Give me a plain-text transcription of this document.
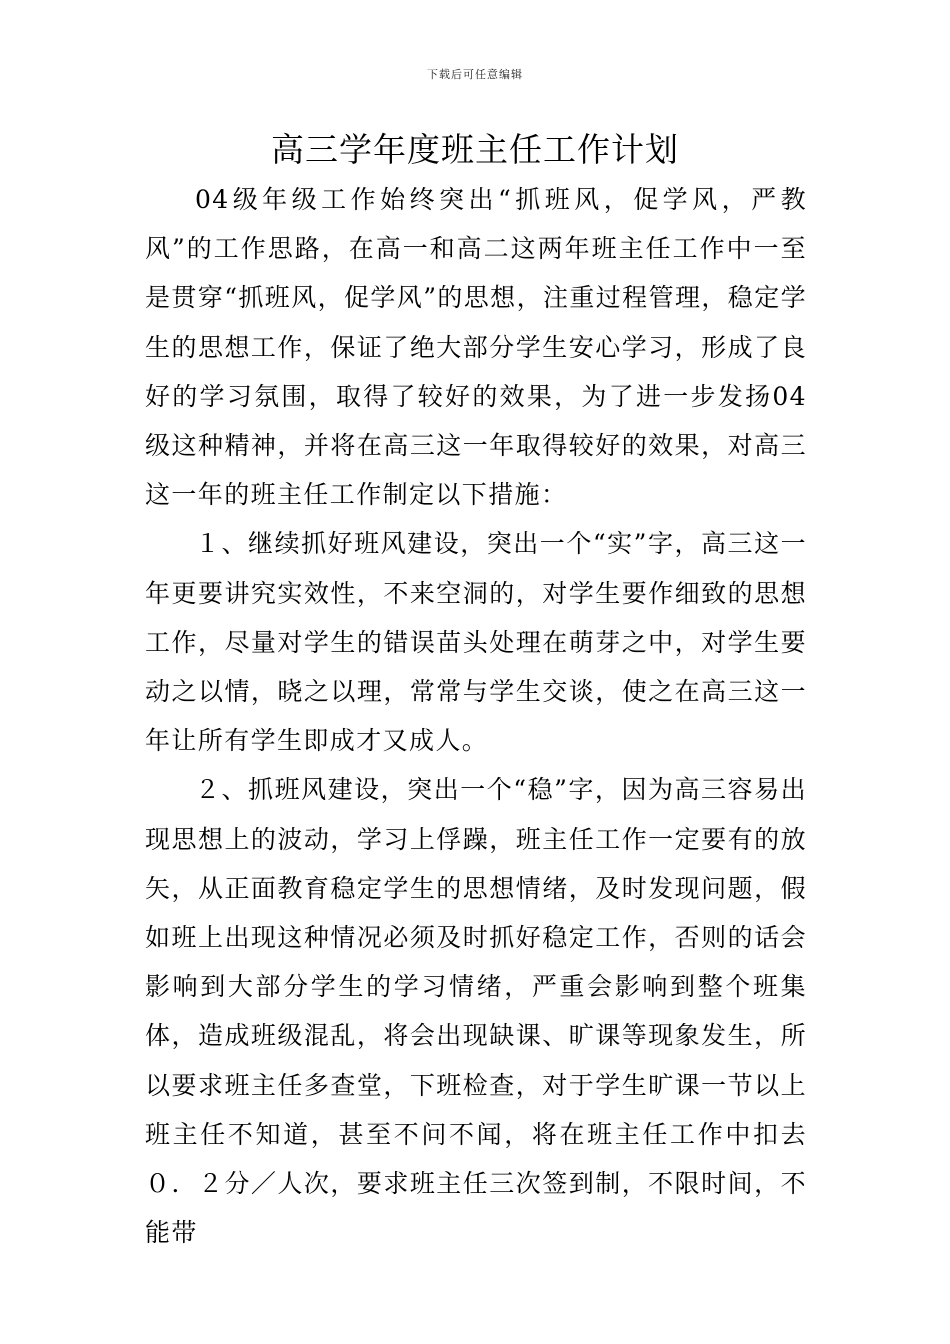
下载后可任意编辑
高三学年度班主任工作计划

04级年级工作始终突出“抓班风，促学风，严教风”的工作思路，在高一和高二这两年班主任工作中一至是贯穿“抓班风，促学风”的思想，注重过程管理，稳定学生的思想工作，保证了绝大部分学生安心学习，形成了良好的学习氛围，取得了较好的效果，为了进一步发扬04级这种精神，并将在高三这一年取得较好的效果，对高三这一年的班主任工作制定以下措施：

１、继续抓好班风建设，突出一个“实”字，高三这一年更要讲究实效性，不来空洞的，对学生要作细致的思想工作，尽量对学生的错误苗头处理在萌芽之中，对学生要动之以情，晓之以理，常常与学生交谈，使之在高三这一年让所有学生即成才又成人。

２、抓班风建设，突出一个“稳”字，因为高三容易出现思想上的波动，学习上俘躁，班主任工作一定要有的放矢，从正面教育稳定学生的思想情绪，及时发现问题，假如班上出现这种情况必须及时抓好稳定工作，否则的话会影响到大部分学生的学习情绪，严重会影响到整个班集体，造成班级混乱，将会出现缺课、旷课等现象发生，所以要求班主任多查堂，下班检查，对于学生旷课一节以上班主任不知道，甚至不问不闻，将在班主任工作中扣去０．２分／人次，要求班主任三次签到制，不限时间，不能带
